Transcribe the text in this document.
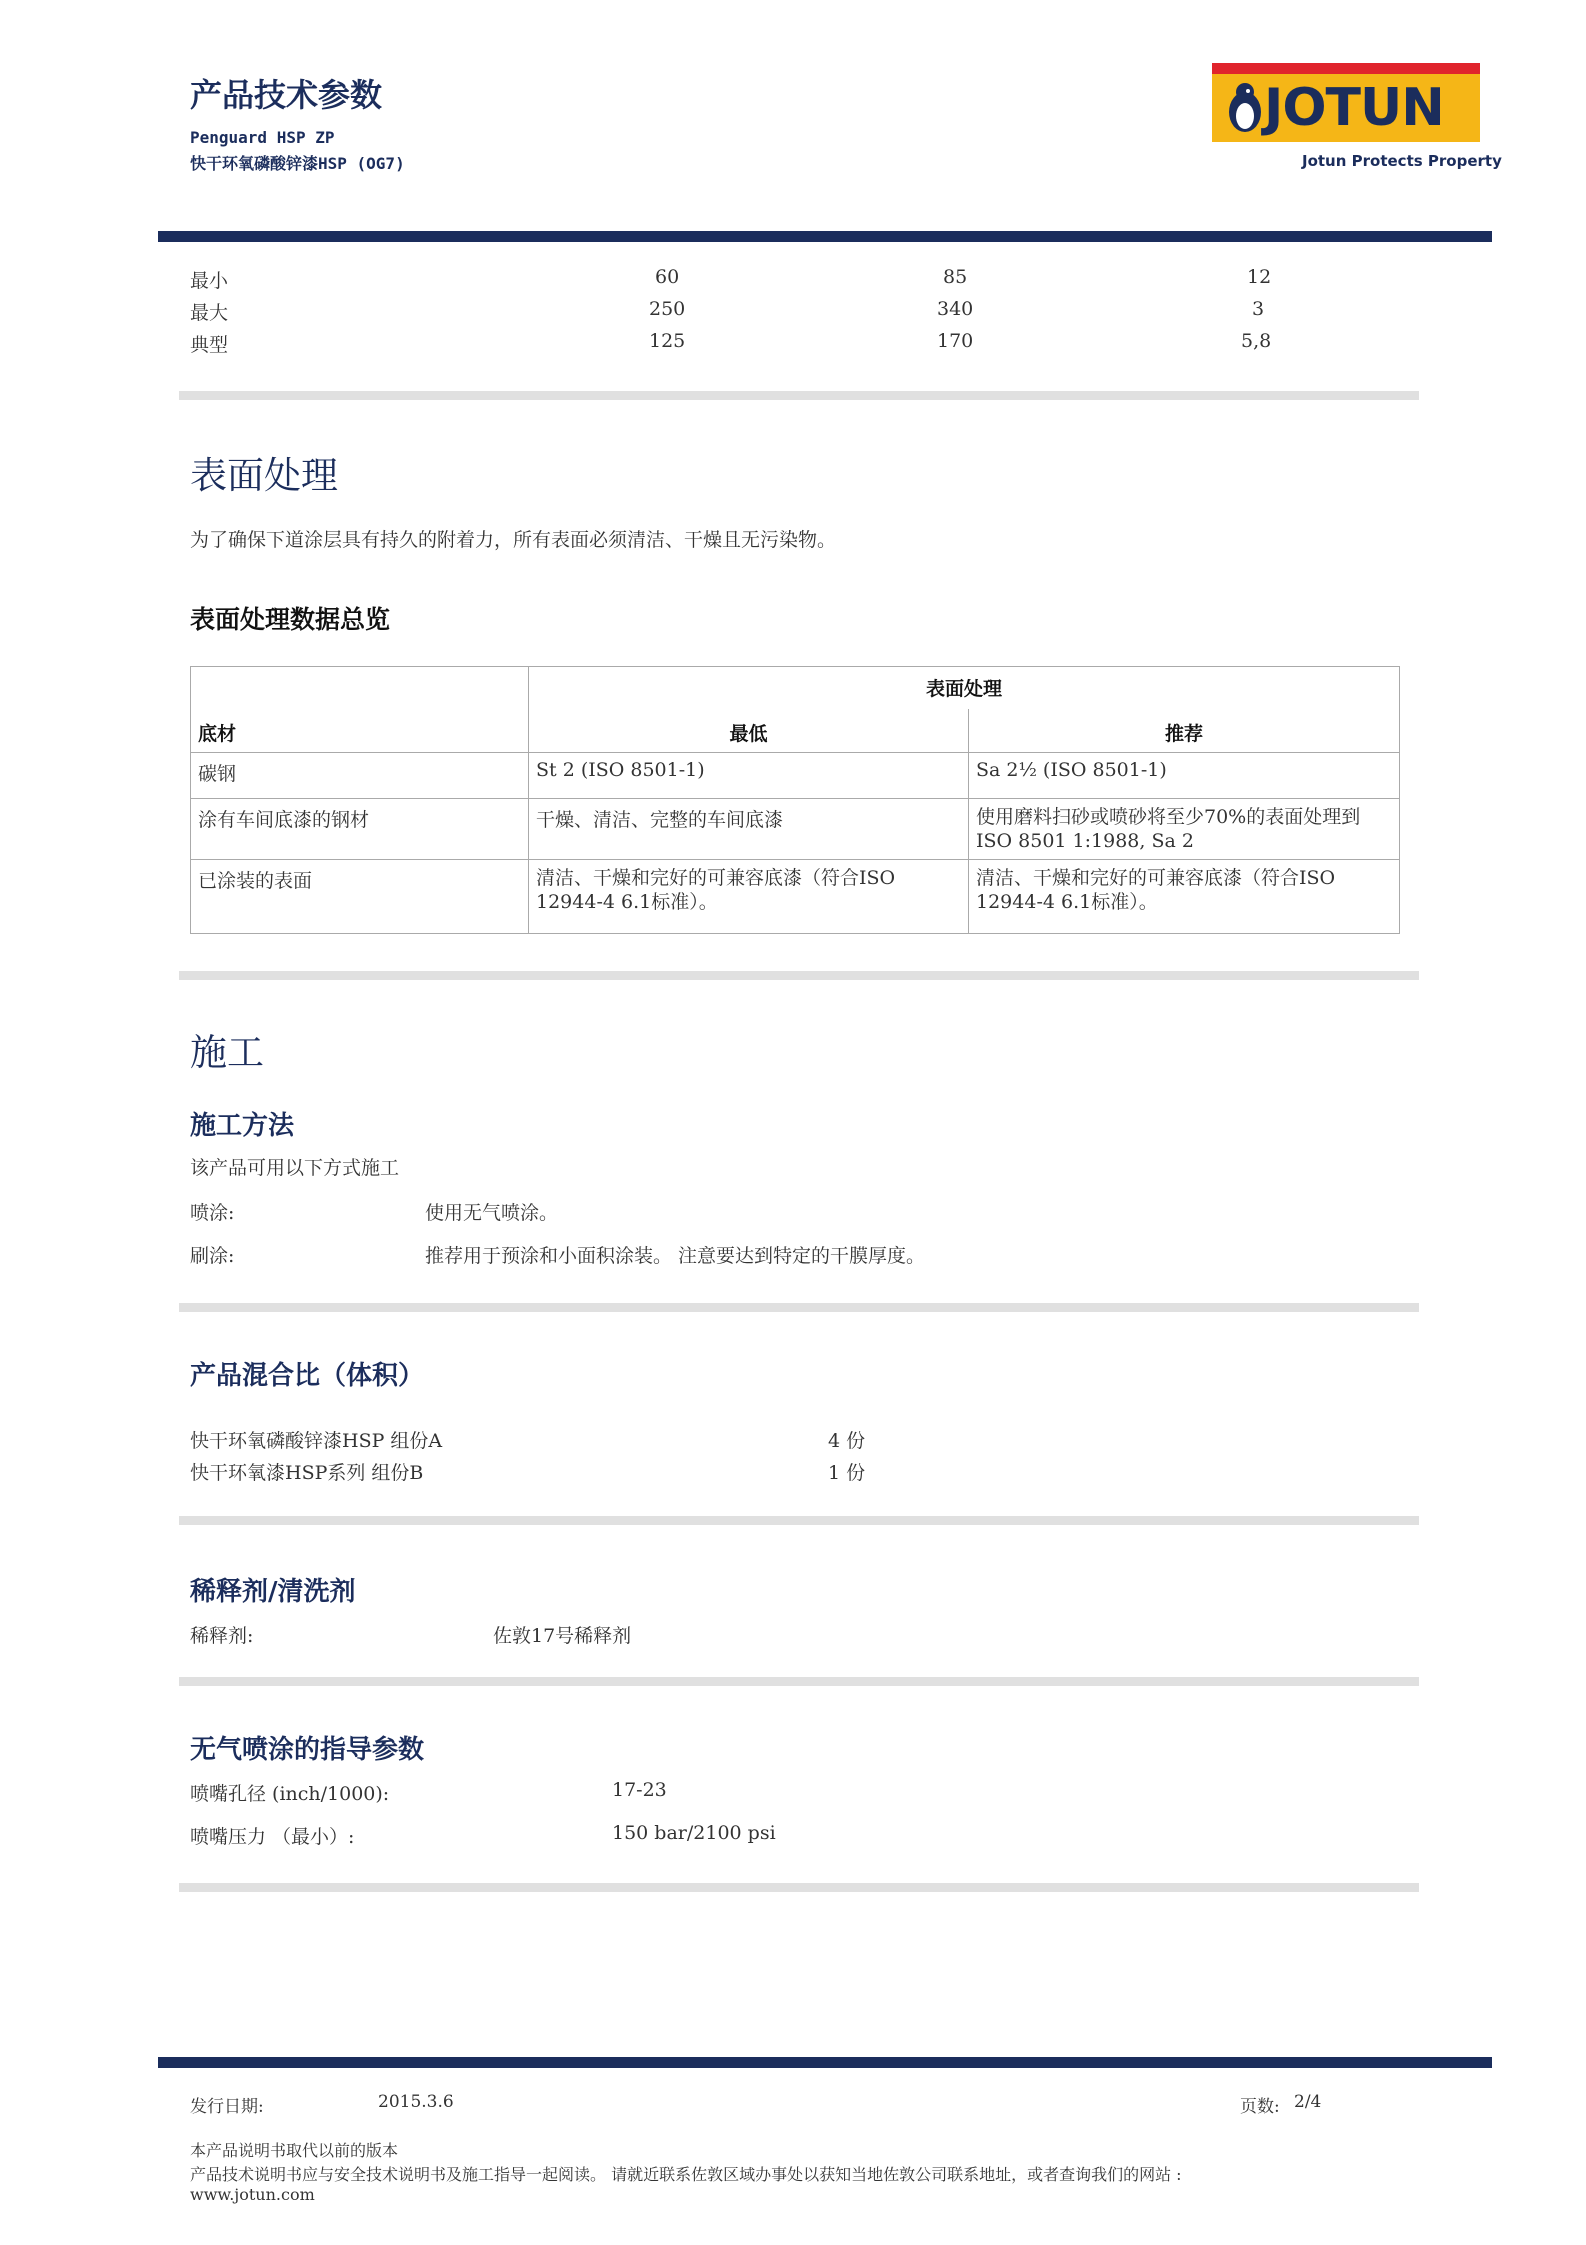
产品技术参数
Penguard HSP ZP
快干环氧磷酸锌漆HSP (OG7)
JOTUN
Jotun Protects Property
最小	60	85	12
最大	250	340	3
典型	125	170	5,8
表面处理
为了确保下道涂层具有持久的附着力，所有表面必须清洁、干燥且无污染物。
表面处理数据总览
底材	表面处理	
	最低	推荐
碳钢	St 2 (ISO 8501-1)	Sa 2½ (ISO 8501-1)
涂有车间底漆的钢材	干燥、清洁、完整的车间底漆	使用磨料扫砂或喷砂将至少70%的表面处理到
ISO 8501 1:1988, Sa 2
已涂装的表面	清洁、干燥和完好的可兼容底漆（符合ISO
12944-4 6.1标准）。	清洁、干燥和完好的可兼容底漆（符合ISO
12944-4 6.1标准）。
施工
施工方法
该产品可用以下方式施工
喷涂:	使用无气喷涂。
刷涂:	推荐用于预涂和小面积涂装。 注意要达到特定的干膜厚度。
产品混合比（体积）
快干环氧磷酸锌漆HSP 组份A	4 份
快干环氧漆HSP系列 组份B	1 份
稀释剂/清洗剂
稀释剂:	佐敦17号稀释剂
无气喷涂的指导参数
喷嘴孔径 (inch/1000):	17-23
喷嘴压力 （最小）:	150 bar/2100 psi
发行日期:	2015.3.6	页数: 2/4
本产品说明书取代以前的版本
产品技术说明书应与安全技术说明书及施工指导一起阅读。 请就近联系佐敦区域办事处以获知当地佐敦公司联系地址，或者查询我们的网站 :
www.jotun.com
